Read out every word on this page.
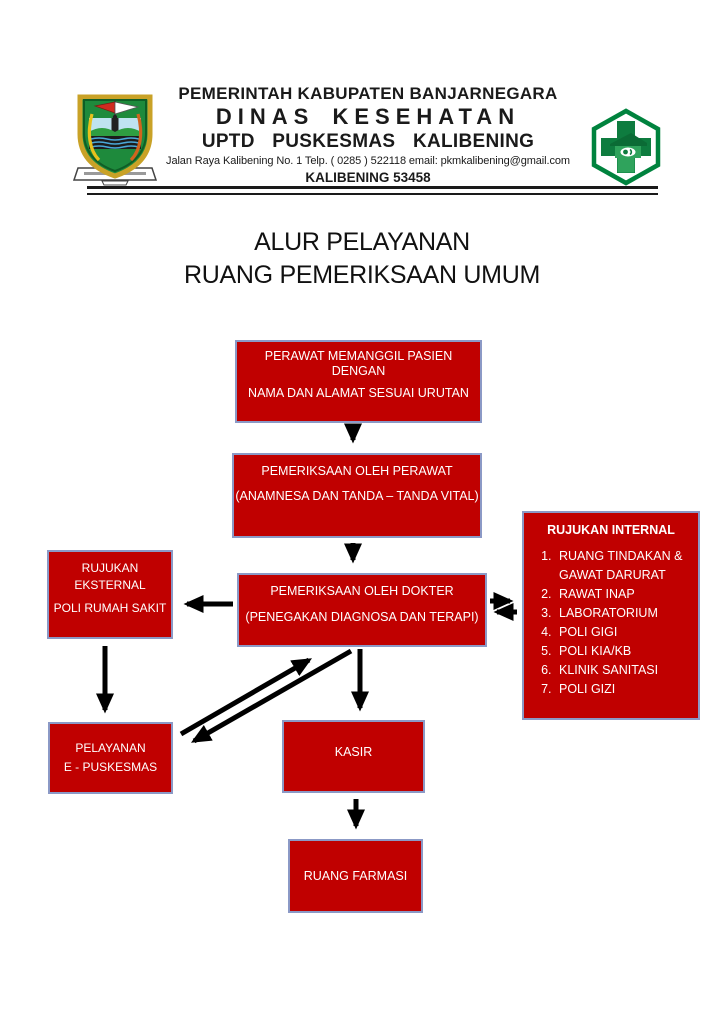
PEMERINTAH KABUPATEN BANJARNEGARA
DINAS KESEHATAN
UPTD PUSKESMAS KALIBENING
Jalan Raya Kalibening No. 1 Telp. ( 0285 ) 522118 email: pkmkalibening@gmail.com
KALIBENING 53458
ALUR PELAYANAN
RUANG PEMERIKSAAN UMUM
PERAWAT MEMANGGIL PASIEN DENGAN
NAMA DAN ALAMAT SESUAI URUTAN
PEMERIKSAAN OLEH PERAWAT
(ANAMNESA DAN TANDA – TANDA VITAL)
PEMERIKSAAN OLEH DOKTER
(PENEGAKAN DIAGNOSA DAN TERAPI)
RUJUKAN INTERNAL
1. RUANG TINDAKAN & GAWAT DARURAT
2. RAWAT INAP
3. LABORATORIUM
4. POLI GIGI
5. POLI KIA/KB
6. KLINIK SANITASI
7. POLI GIZI
RUJUKAN
EKSTERNAL
POLI RUMAH SAKIT
PELAYANAN
E - PUSKESMAS
KASIR
RUANG FARMASI
